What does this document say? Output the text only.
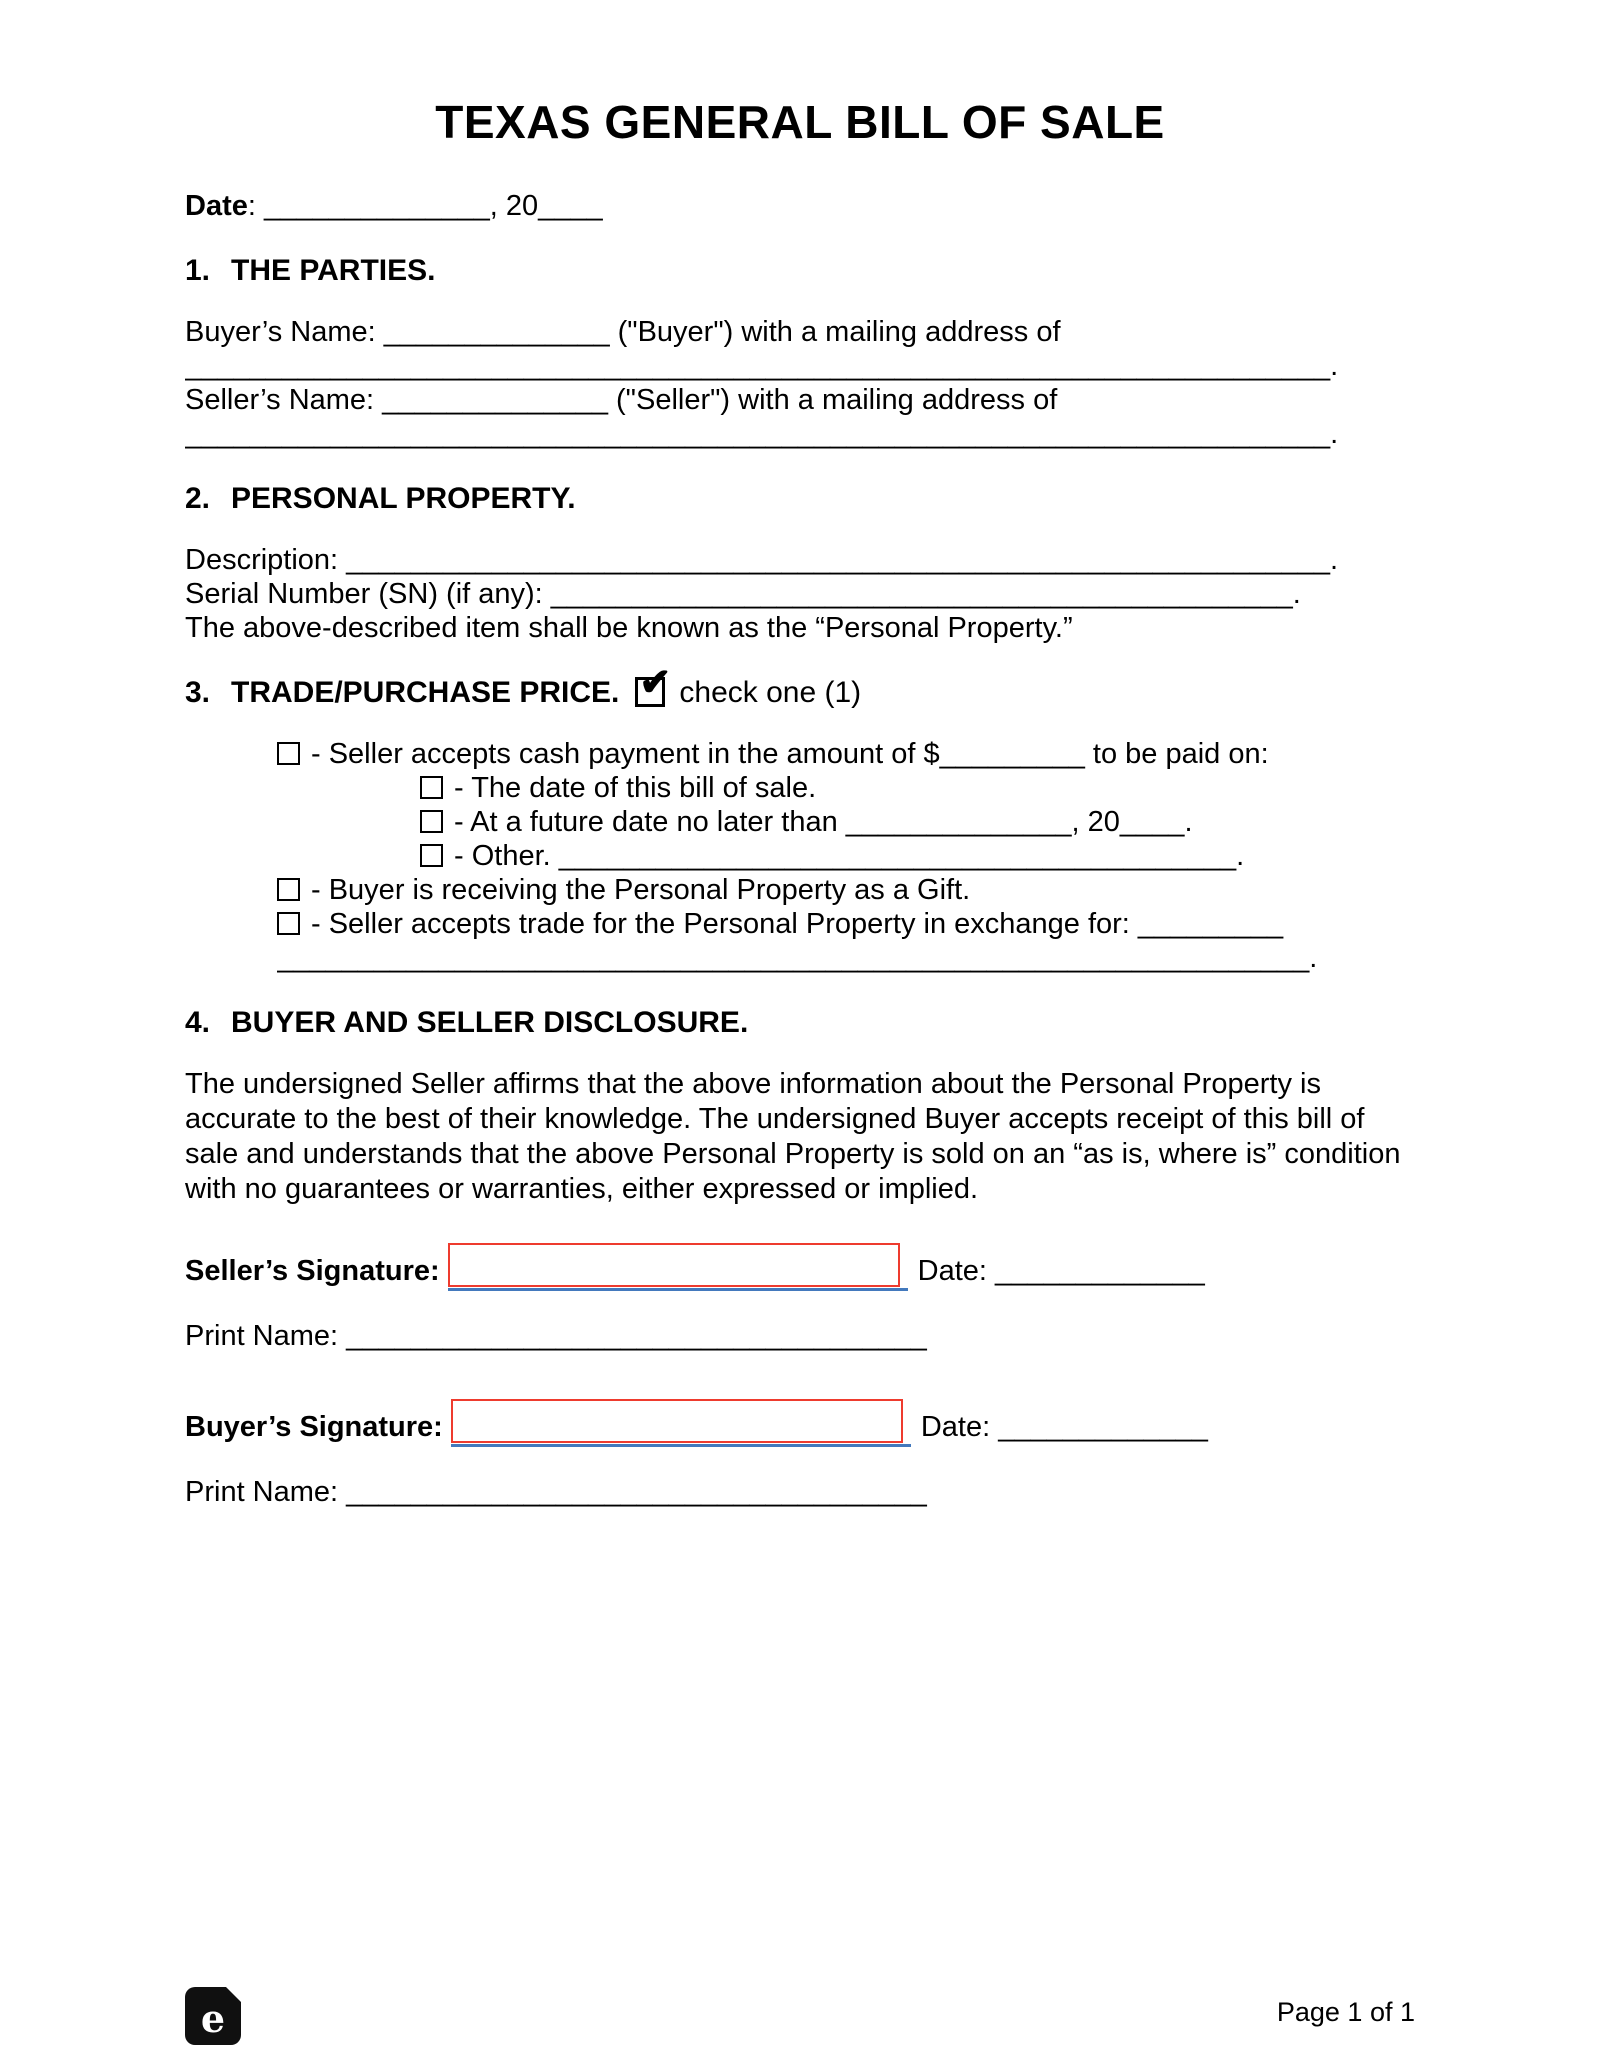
TEXAS GENERAL BILL OF SALE
Date: ______________, 20____
1. THE PARTIES.
Buyer’s Name: ______________ ("Buyer") with a mailing address of
_______________________________________________________________________.
Seller’s Name: ______________ ("Seller") with a mailing address of
_______________________________________________________________________.
2. PERSONAL PROPERTY.
Description: _____________________________________________________________.
Serial Number (SN) (if any): ______________________________________________.
The above-described item shall be known as the “Personal Property.”
3. TRADE/PURCHASE PRICE. ✔ check one (1)
- Seller accepts cash payment in the amount of $_________ to be paid on:
- The date of this bill of sale.
- At a future date no later than ______________, 20____.
- Other. __________________________________________.
- Buyer is receiving the Personal Property as a Gift.
- Seller accepts trade for the Personal Property in exchange for: _________
________________________________________________________________.
4. BUYER AND SELLER DISCLOSURE.
The undersigned Seller affirms that the above information about the Personal Property is accurate to the best of their knowledge. The undersigned Buyer accepts receipt of this bill of sale and understands that the above Personal Property is sold on an “as is, where is” condition with no guarantees or warranties, either expressed or implied.
Seller’s Signature:	Date: _____________
Print Name: ____________________________________
Buyer’s Signature:	Date: _____________
Print Name: ____________________________________
e	Page 1 of 1
